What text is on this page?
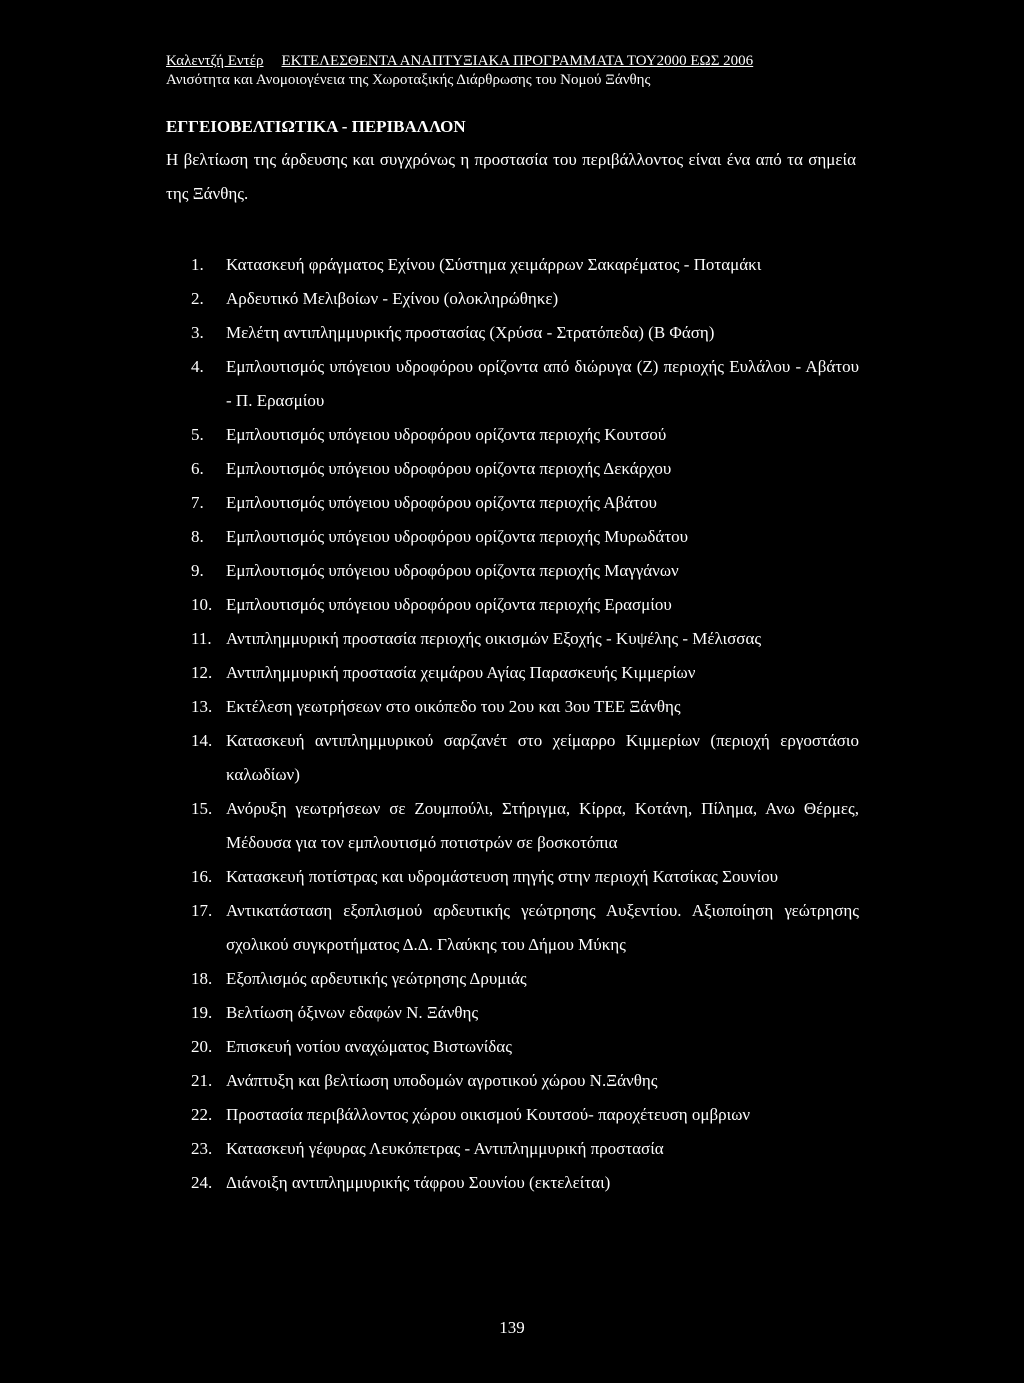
Καλεντζή Εντέρ ΕΚΤΕΛΕΣΘΕΝΤΑ ΑΝΑΠΤΥΞΙΑΚΑ ΠΡΟΓΡΑΜΜΑΤΑ ΤΟΥ2000 ΕΩΣ 2006
Ανισότητα και Ανομοιογένεια της Χωροταξικής Διάρθρωσης του Νομού Ξάνθης
ΕΓΓΕΙΟΒΕΛΤΙΩΤΙΚΑ - ΠΕΡΙΒΑΛΛΟΝ
Η βελτίωση της άρδευσης και συγχρόνως η προστασία του περιβάλλοντος είναι ένα από τα σημεία της Ξάνθης.
1.	Κατασκευή φράγματος Εχίνου (Σύστημα χειμάρρων Σακαρέματος - Ποταμάκι
2.	Αρδευτικό Μελιβοίων - Εχίνου (ολοκληρώθηκε)
3.	Μελέτη αντιπλημμυρικής προστασίας (Χρύσα - Στρατόπεδα) (Β Φάση)
4.	Εμπλουτισμός υπόγειου υδροφόρου ορίζοντα από διώρυγα (Ζ) περιοχής Ευλάλου - Αβάτου - Π. Ερασμίου
5.	Εμπλουτισμός υπόγειου υδροφόρου ορίζοντα περιοχής Κουτσού
6.	Εμπλουτισμός υπόγειου υδροφόρου ορίζοντα περιοχής Δεκάρχου
7.	Εμπλουτισμός υπόγειου υδροφόρου ορίζοντα περιοχής Αβάτου
8.	Εμπλουτισμός υπόγειου υδροφόρου ορίζοντα περιοχής Μυρωδάτου
9.	Εμπλουτισμός υπόγειου υδροφόρου ορίζοντα περιοχής Μαγγάνων
10. Εμπλουτισμός υπόγειου υδροφόρου ορίζοντα περιοχής Ερασμίου
11. Αντιπλημμυρική προστασία περιοχής οικισμών Εξοχής - Κυψέλης - Μέλισσας
12. Αντιπλημμυρική προστασία χειμάρου Αγίας Παρασκευής Κιμμερίων
13. Εκτέλεση γεωτρήσεων στο οικόπεδο του 2ου και 3ου ΤΕΕ Ξάνθης
14. Κατασκευή αντιπλημμυρικού σαρζανέτ στο χείμαρρο Κιμμερίων (περιοχή εργοστάσιο καλωδίων)
15. Ανόρυξη γεωτρήσεων σε Ζουμπούλι, Στήριγμα, Κίρρα, Κοτάνη, Πίλημα, Ανω Θέρμες, Μέδουσα για τον εμπλουτισμό ποτιστρών σε βοσκοτόπια
16. Κατασκευή ποτίστρας και υδρομάστευση πηγής στην περιοχή Κατσίκας Σουνίου
17. Αντικατάσταση εξοπλισμού αρδευτικής γεώτρησης Αυξεντίου. Αξιοποίηση γεώτρησης σχολικού συγκροτήματος Δ.Δ. Γλαύκης του Δήμου Μύκης
18. Εξοπλισμός αρδευτικής γεώτρησης Δρυμιάς
19. Βελτίωση όξινων εδαφών Ν. Ξάνθης
20. Επισκευή νοτίου αναχώματος Βιστωνίδας
21. Ανάπτυξη και βελτίωση υποδομών αγροτικού χώρου Ν.Ξάνθης
22. Προστασία περιβάλλοντος χώρου οικισμού Κουτσού- παροχέτευση ομβριων
23. Κατασκευή γέφυρας Λευκόπετρας - Αντιπλημμυρική προστασία
24. Διάνοιξη αντιπλημμυρικής τάφρου Σουνίου (εκτελείται)
139
